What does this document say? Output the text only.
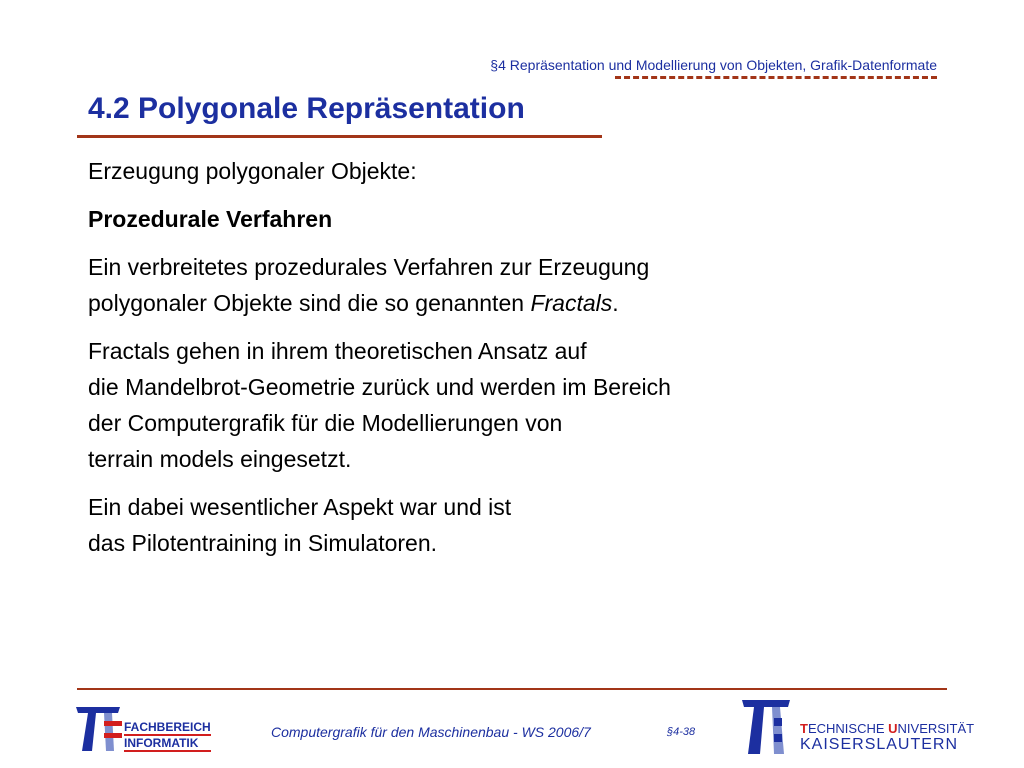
§4 Repräsentation und Modellierung von Objekten, Grafik-Datenformate
4.2 Polygonale Repräsentation

Erzeugung polygonaler Objekte:

Prozedurale Verfahren

Ein verbreitetes prozedurales Verfahren zur Erzeugung
polygonaler Objekte sind die so genannten Fractals.

Fractals gehen in ihrem theoretischen Ansatz auf
die Mandelbrot-Geometrie zurück und werden im Bereich
der Computergrafik für die Modellierungen von
terrain models eingesetzt.

Ein dabei wesentlicher Aspekt war und ist
das Pilotentraining in Simulatoren.

FACHBEREICH
INFORMATIK
Computergrafik für den Maschinenbau - WS 2006/7	§4-38	TECHNISCHE UNIVERSITÄT
KAISERSLAUTERN
